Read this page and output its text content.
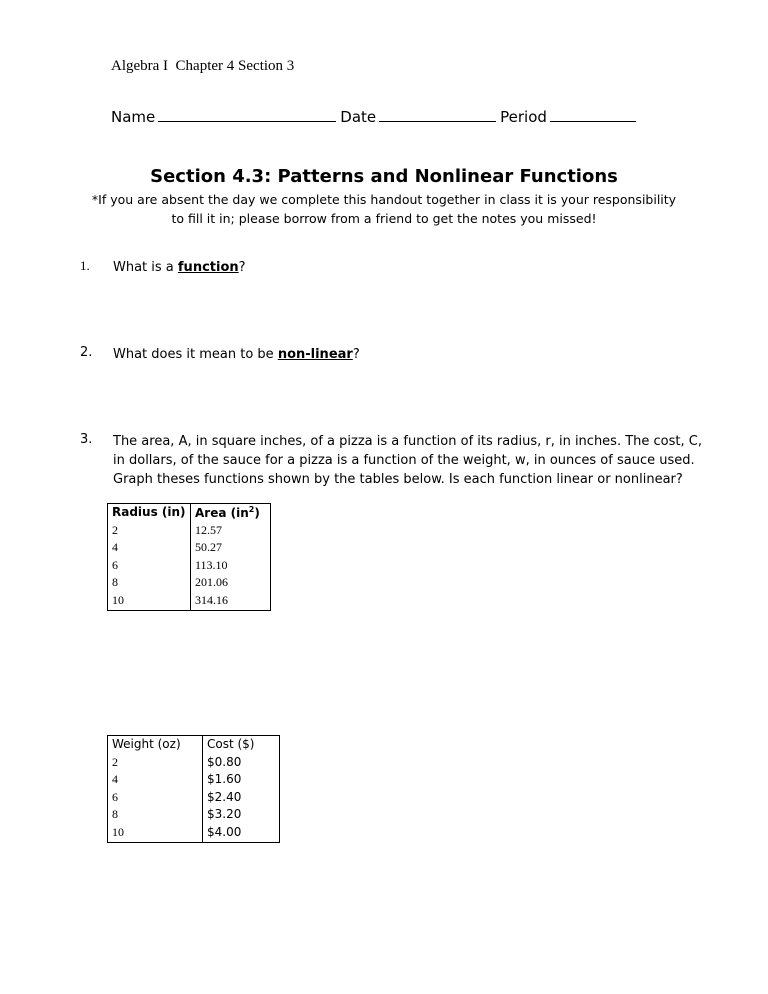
Algebra I  Chapter 4 Section 3
Name	Date	Period
Section 4.3: Patterns and Nonlinear Functions
*If you are absent the day we complete this handout together in class it is your responsibility
to fill it in; please borrow from a friend to get the notes you missed!
1. What is a function?
2. What does it mean to be non-linear?
3. The area, A, in square inches, of a pizza is a function of its radius, r, in inches. The cost, C,
in dollars, of the sauce for a pizza is a function of the weight, w, in ounces of sauce used.
Graph theses functions shown by the tables below. Is each function linear or nonlinear?
Radius (in)	Area $(in^2)$
2	12.57
4	50.27
6	113.10
8	201.06
10	314.16
Weight (oz)	Cost ($)
2	$0.80
4	$1.60
6	$2.40
8	$3.20
10	$4.00
